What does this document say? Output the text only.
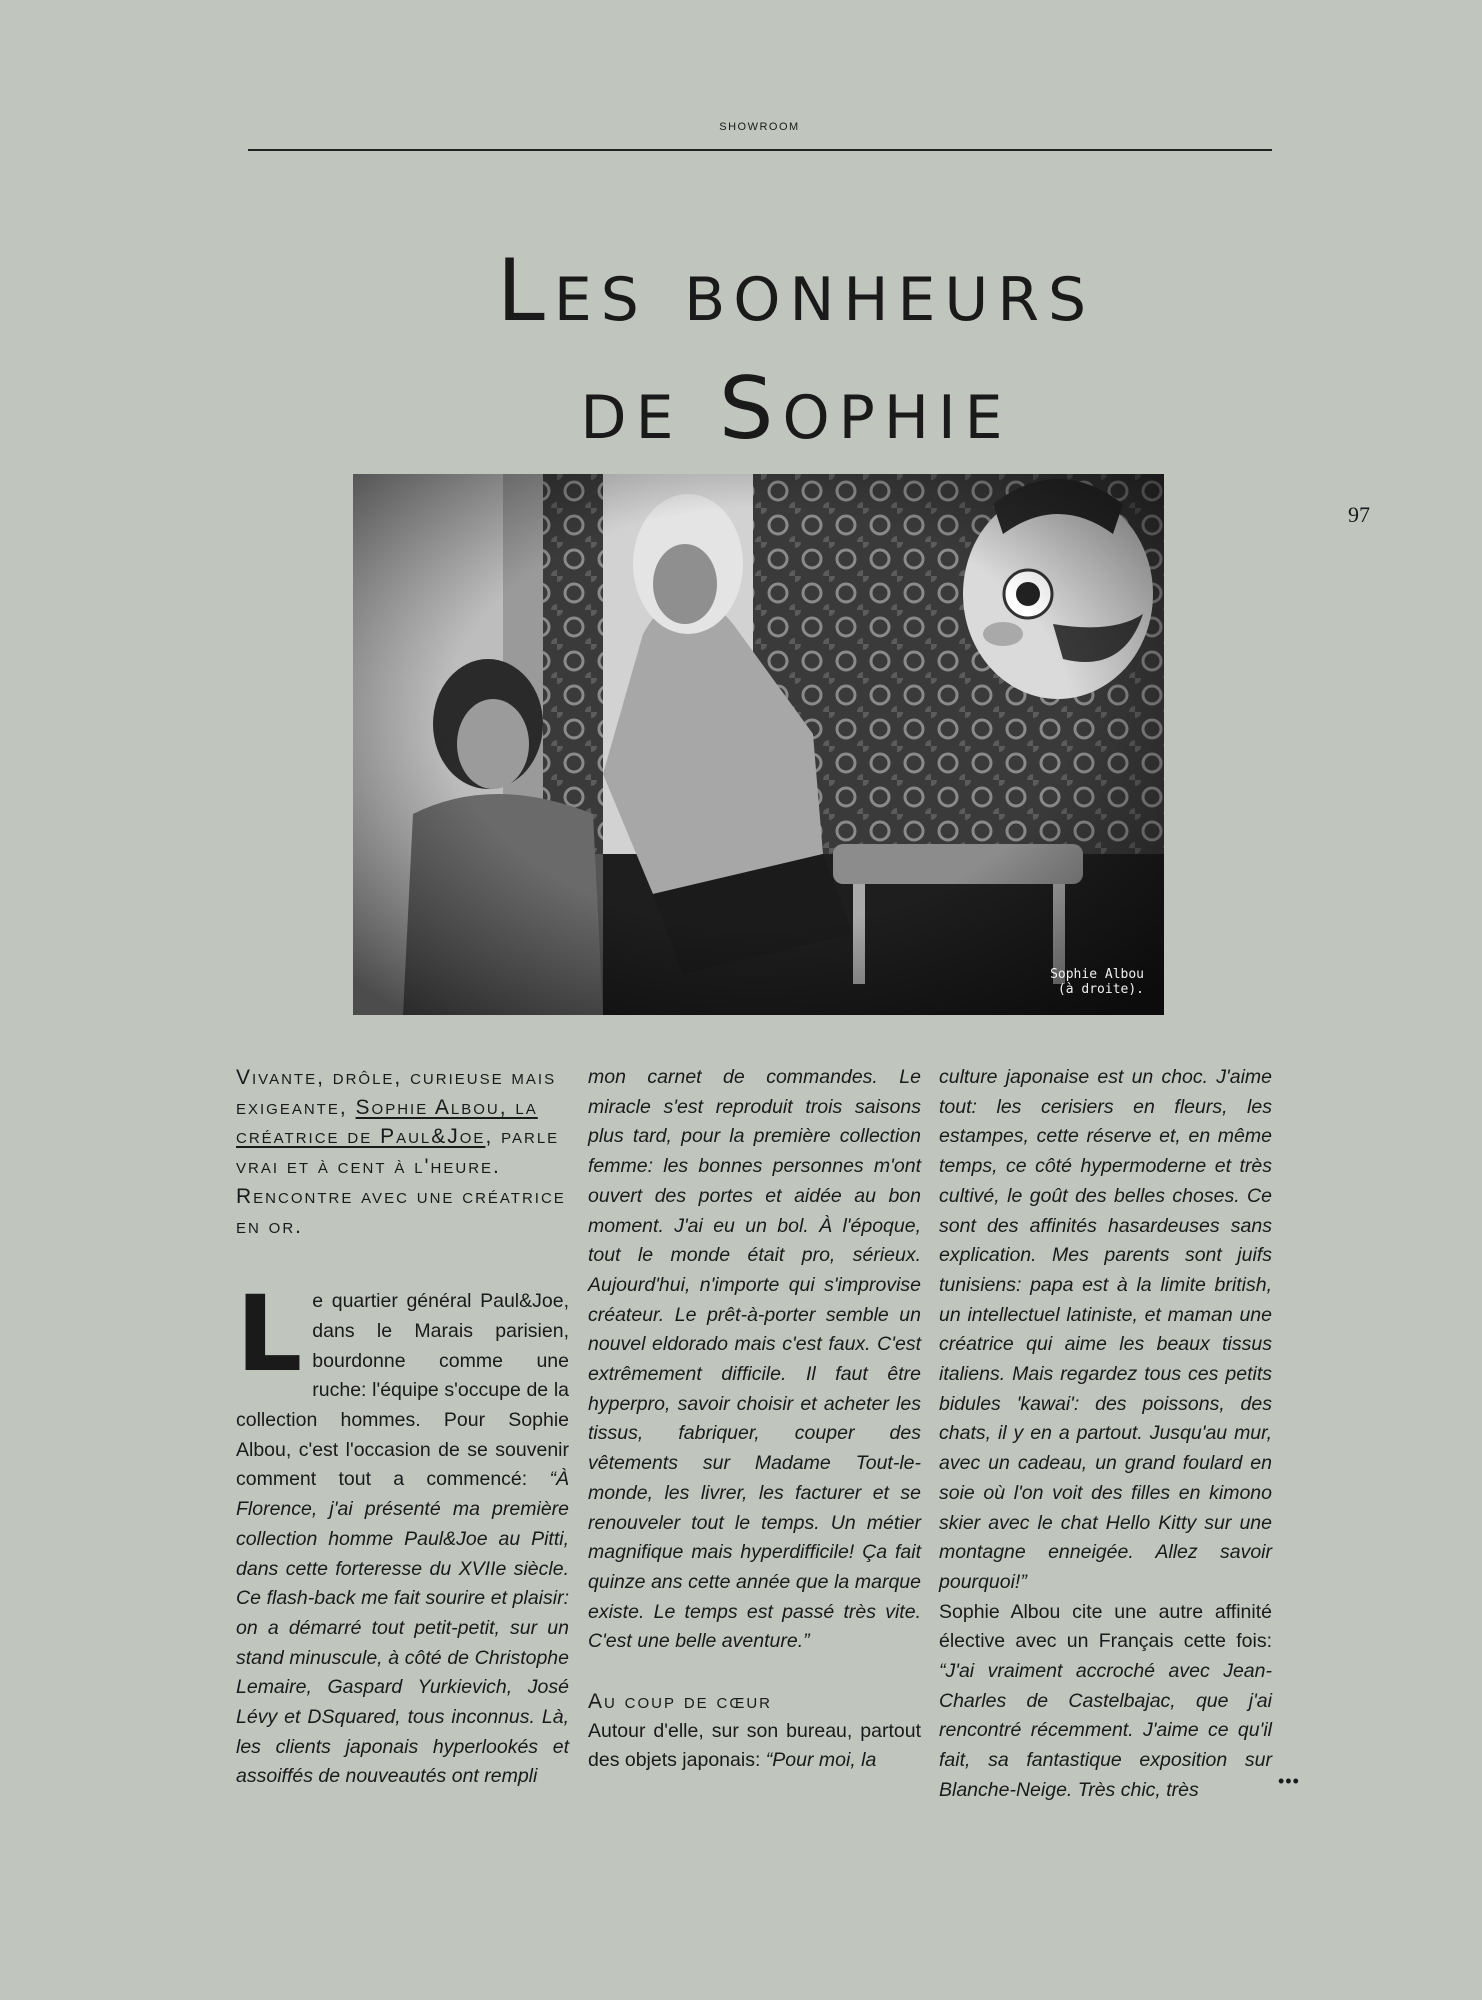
SHOWROOM
97
Les bonheurs
de Sophie
Sophie Albou
(à droite).

Vivante, drôle, curieuse mais exigeante, Sophie Albou, la créatrice de Paul&Joe, parle vrai et à cent à l'heure. Rencontre avec une créatrice en or.

Le quartier général Paul&Joe, dans le Marais parisien, bourdonne comme une ruche: l'équipe s'occupe de la collection hommes. Pour Sophie Albou, c'est l'occasion de se souvenir comment tout a commencé: “À Florence, j'ai présenté ma première collection homme Paul&Joe au Pitti, dans cette forteresse du XVIIe siècle. Ce flash-back me fait sourire et plaisir: on a démarré tout petit-petit, sur un stand minuscule, à côté de Christophe Lemaire, Gaspard Yurkievich, José Lévy et DSquared, tous inconnus. Là, les clients japonais hyperlookés et assoiffés de nouveautés ont rempli

mon carnet de commandes. Le miracle s'est reproduit trois saisons plus tard, pour la première collection femme: les bonnes personnes m'ont ouvert des portes et aidée au bon moment. J'ai eu un bol. À l'époque, tout le monde était pro, sérieux. Aujourd'hui, n'importe qui s'improvise créateur. Le prêt-à-porter semble un nouvel eldorado mais c'est faux. C'est extrêmement difficile. Il faut être hyperpro, savoir choisir et acheter les tissus, fabriquer, couper des vêtements sur Madame Tout-le-monde, les livrer, les facturer et se renouveler tout le temps. Un métier magnifique mais hyperdifficile! Ça fait quinze ans cette année que la marque existe. Le temps est passé très vite. C'est une belle aventure.”

Au coup de cœur

Autour d'elle, sur son bureau, partout des objets japonais: “Pour moi, la

culture japonaise est un choc. J'aime tout: les cerisiers en fleurs, les estampes, cette réserve et, en même temps, ce côté hypermoderne et très cultivé, le goût des belles choses. Ce sont des affinités hasardeuses sans explication. Mes parents sont juifs tunisiens: papa est à la limite british, un intellectuel latiniste, et maman une créatrice qui aime les beaux tissus italiens. Mais regardez tous ces petits bidules 'kawai': des poissons, des chats, il y en a partout. Jusqu'au mur, avec un cadeau, un grand foulard en soie où l'on voit des filles en kimono skier avec le chat Hello Kitty sur une montagne enneigée. Allez savoir pourquoi!”

Sophie Albou cite une autre affinité élective avec un Français cette fois: “J'ai vraiment accroché avec Jean-Charles de Castelbajac, que j'ai rencontré récemment. J'aime ce qu'il fait, sa fantastique exposition sur Blanche-Neige. Très chic, très	•••
